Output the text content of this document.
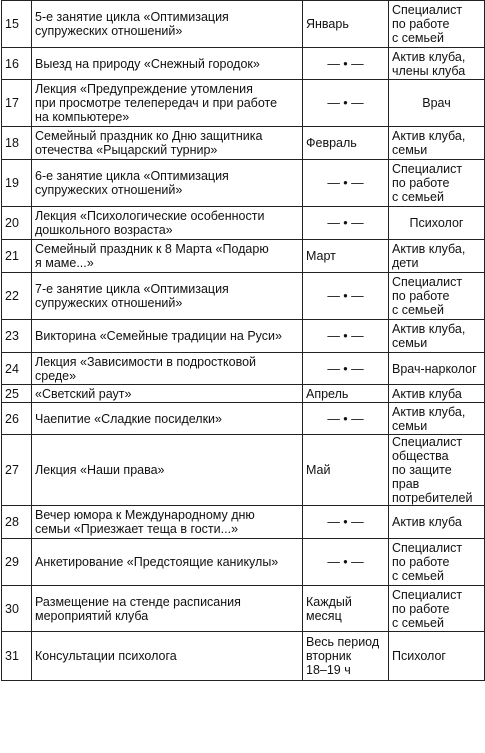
15	5-е занятие цикла «Оптимизация
супружеских отношений»	Январь	Специалист
по работе
с семьей
16	Выезд на природу «Снежный городок»	— • —	Актив клуба,
члены клуба
17	Лекция «Предупреждение утомления
при просмотре телепередач и при работе
на компьютере»	— • —	Врач
18	Семейный праздник ко Дню защитника
отечества «Рыцарский турнир»	Февраль	Актив клуба,
семьи
19	6-е занятие цикла «Оптимизация
супружеских отношений»	— • —	Специалист
по работе
с семьей
20	Лекция «Психологические особенности
дошкольного возраста»	— • —	Психолог
21	Семейный праздник к 8 Марта «Подарю
я маме...»	Март	Актив клуба,
дети
22	7-е занятие цикла «Оптимизация
супружеских отношений»	— • —	Специалист
по работе
с семьей
23	Викторина «Семейные традиции на Руси»	— • —	Актив клуба,
семьи
24	Лекция «Зависимости в подростковой
среде»	— • —	Врач-нарколог
25	«Светский раут»	Апрель	Актив клуба
26	Чаепитие «Сладкие посиделки»	— • —	Актив клуба,
семьи
27	Лекция «Наши права»	Май	Специалист
общества
по защите прав
потребителей
28	Вечер юмора к Международному дню
семьи «Приезжает теща в гости...»	— • —	Актив клуба
29	Анкетирование «Предстоящие каникулы»	— • —	Специалист
по работе
с семьей
30	Размещение на стенде расписания
мероприятий клуба	Каждый
месяц	Специалист
по работе
с семьей
31	Консультации психолога	Весь период
вторник
18–19 ч	Психолог
